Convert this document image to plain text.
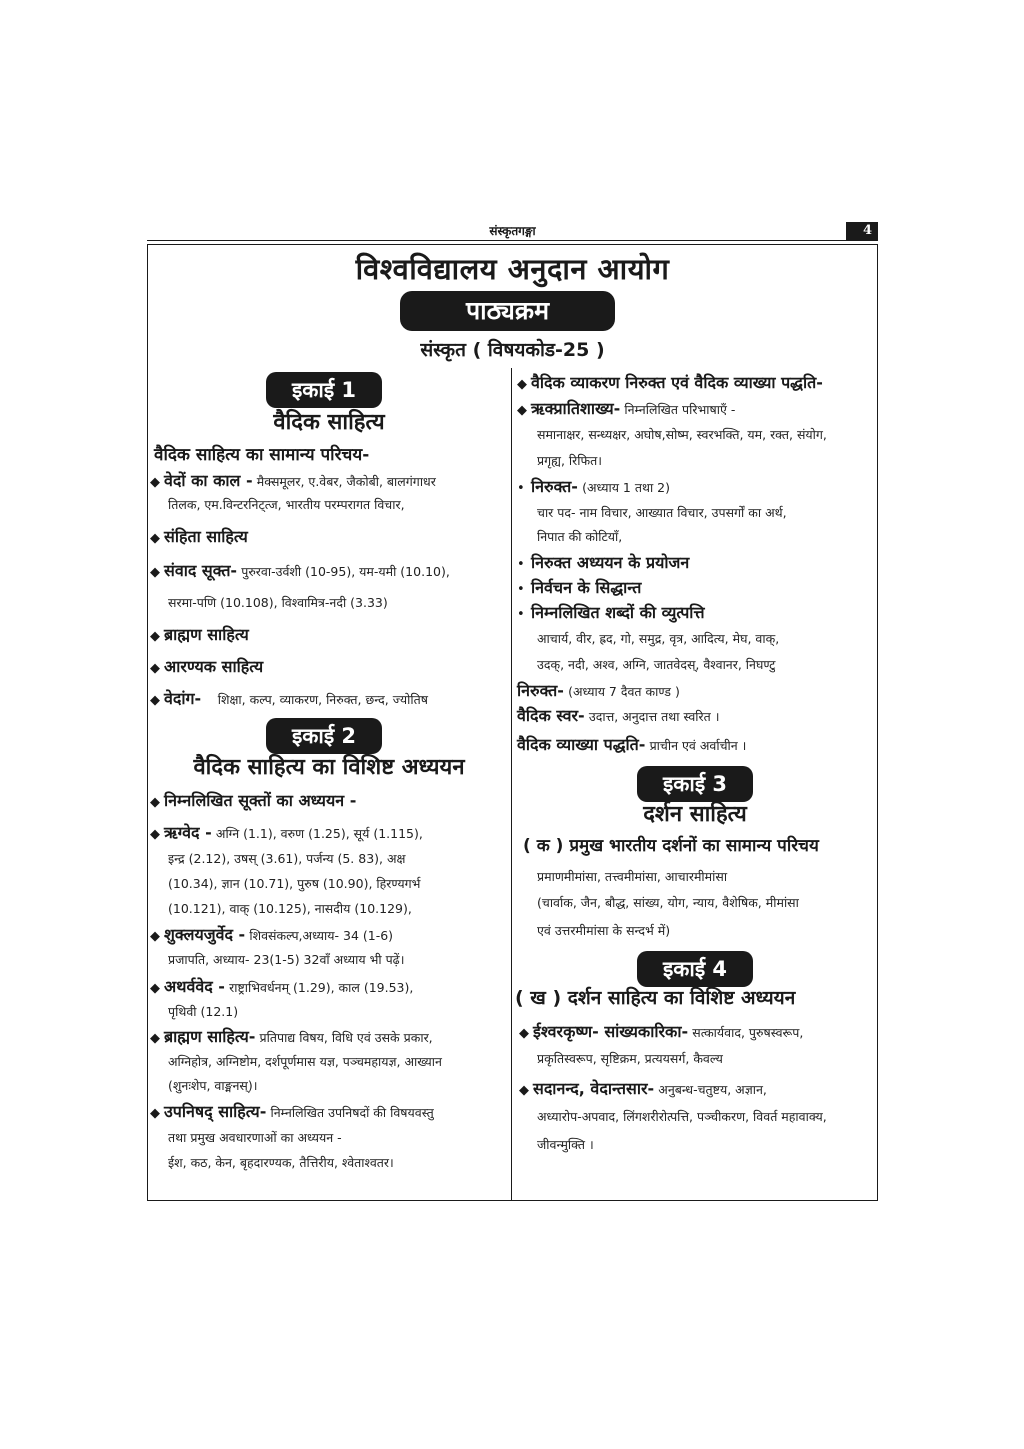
संस्कृतगङ्गा	4
विश्वविद्यालय अनुदान आयोग
पाठ्यक्रम
संस्कृत ( विषयकोड-25 )
इकाई 1
वैदिक साहित्य
वैदिक साहित्य का सामान्य परिचय-
◆ वेदों का काल - मैक्समूलर, ए.वेबर, जैकोबी, बालगंगाधर
तिलक, एम.विन्टरनिट्त्ज, भारतीय परम्परागत विचार,
◆ संहिता साहित्य
◆ संवाद सूक्त- पुरुरवा-उर्वशी (10-95), यम-यमी (10.10),
सरमा-पणि (10.108), विश्वामित्र-नदी (3.33)
◆ ब्राह्मण साहित्य
◆ आरण्यक साहित्य
◆ वेदांग- शिक्षा, कल्प, व्याकरण, निरुक्त, छन्द, ज्योतिष
इकाई 2
वैदिक साहित्य का विशिष्ट अध्ययन
◆ निम्नलिखित सूक्तों का अध्ययन -
◆ ऋग्वेद - अग्नि (1.1), वरुण (1.25), सूर्य (1.115),
इन्द्र (2.12), उषस् (3.61), पर्जन्य (5. 83), अक्ष
(10.34), ज्ञान (10.71), पुरुष (10.90), हिरण्यगर्भ
(10.121), वाक् (10.125), नासदीय (10.129),
◆ शुक्लयजुर्वेद - शिवसंकल्प,अध्याय- 34 (1-6)
प्रजापति, अध्याय- 23(1-5) 32वाँ अध्याय भी पढ़ें।
◆ अथर्ववेद - राष्ट्राभिवर्धनम् (1.29), काल (19.53),
पृथिवी (12.1)
◆ ब्राह्मण साहित्य- प्रतिपाद्य विषय, विधि एवं उसके प्रकार,
अग्निहोत्र, अग्निष्टोम, दर्शपूर्णमास यज्ञ, पञ्चमहायज्ञ, आख्यान
(शुनःशेप, वाङ्मनस्)।
◆ उपनिषद् साहित्य- निम्नलिखित उपनिषदों की विषयवस्तु
तथा प्रमुख अवधारणाओं का अध्ययन -
ईश, कठ, केन, बृहदारण्यक, तैत्तिरीय, श्वेताश्वतर।
◆ वैदिक व्याकरण निरुक्त एवं वैदिक व्याख्या पद्धति-
◆ ऋक्प्रातिशाख्य- निम्नलिखित परिभाषाएँ -
समानाक्षर, सन्ध्यक्षर, अघोष,सोष्म, स्वरभक्ति, यम, रक्त, संयोग,
प्रगृह्य, रिफित।
• निरुक्त- (अध्याय 1 तथा 2)
चार पद- नाम विचार, आख्यात विचार, उपसर्गों का अर्थ,
निपात की कोटियाँ,
• निरुक्त अध्ययन के प्रयोजन
• निर्वचन के सिद्धान्त
• निम्नलिखित शब्दों की व्युत्पत्ति
आचार्य, वीर, ह्रद, गो, समुद्र, वृत्र, आदित्य, मेघ, वाक्,
उदक्, नदी, अश्व, अग्नि, जातवेदस्, वैश्वानर, निघण्टु
निरुक्त- (अध्याय 7 दैवत काण्ड )
वैदिक स्वर- उदात्त, अनुदात्त तथा स्वरित ।
वैदिक व्याख्या पद्धति- प्राचीन एवं अर्वाचीन ।
इकाई 3
दर्शन साहित्य
( क ) प्रमुख भारतीय दर्शनों का सामान्य परिचय
प्रमाणमीमांसा, तत्त्वमीमांसा, आचारमीमांसा
(चार्वाक, जैन, बौद्ध, सांख्य, योग, न्याय, वैशेषिक, मीमांसा
एवं उत्तरमीमांसा के सन्दर्भ में)
इकाई 4
( ख ) दर्शन साहित्य का विशिष्ट अध्ययन
◆ ईश्वरकृष्ण- सांख्यकारिका- सत्कार्यवाद, पुरुषस्वरूप,
प्रकृतिस्वरूप, सृष्टिक्रम, प्रत्ययसर्ग, कैवल्य
◆ सदानन्द, वेदान्तसार- अनुबन्ध-चतुष्टय, अज्ञान,
अध्यारोप-अपवाद, लिंगशरीरोत्पत्ति, पञ्चीकरण, विवर्त महावाक्य,
जीवन्मुक्ति ।
